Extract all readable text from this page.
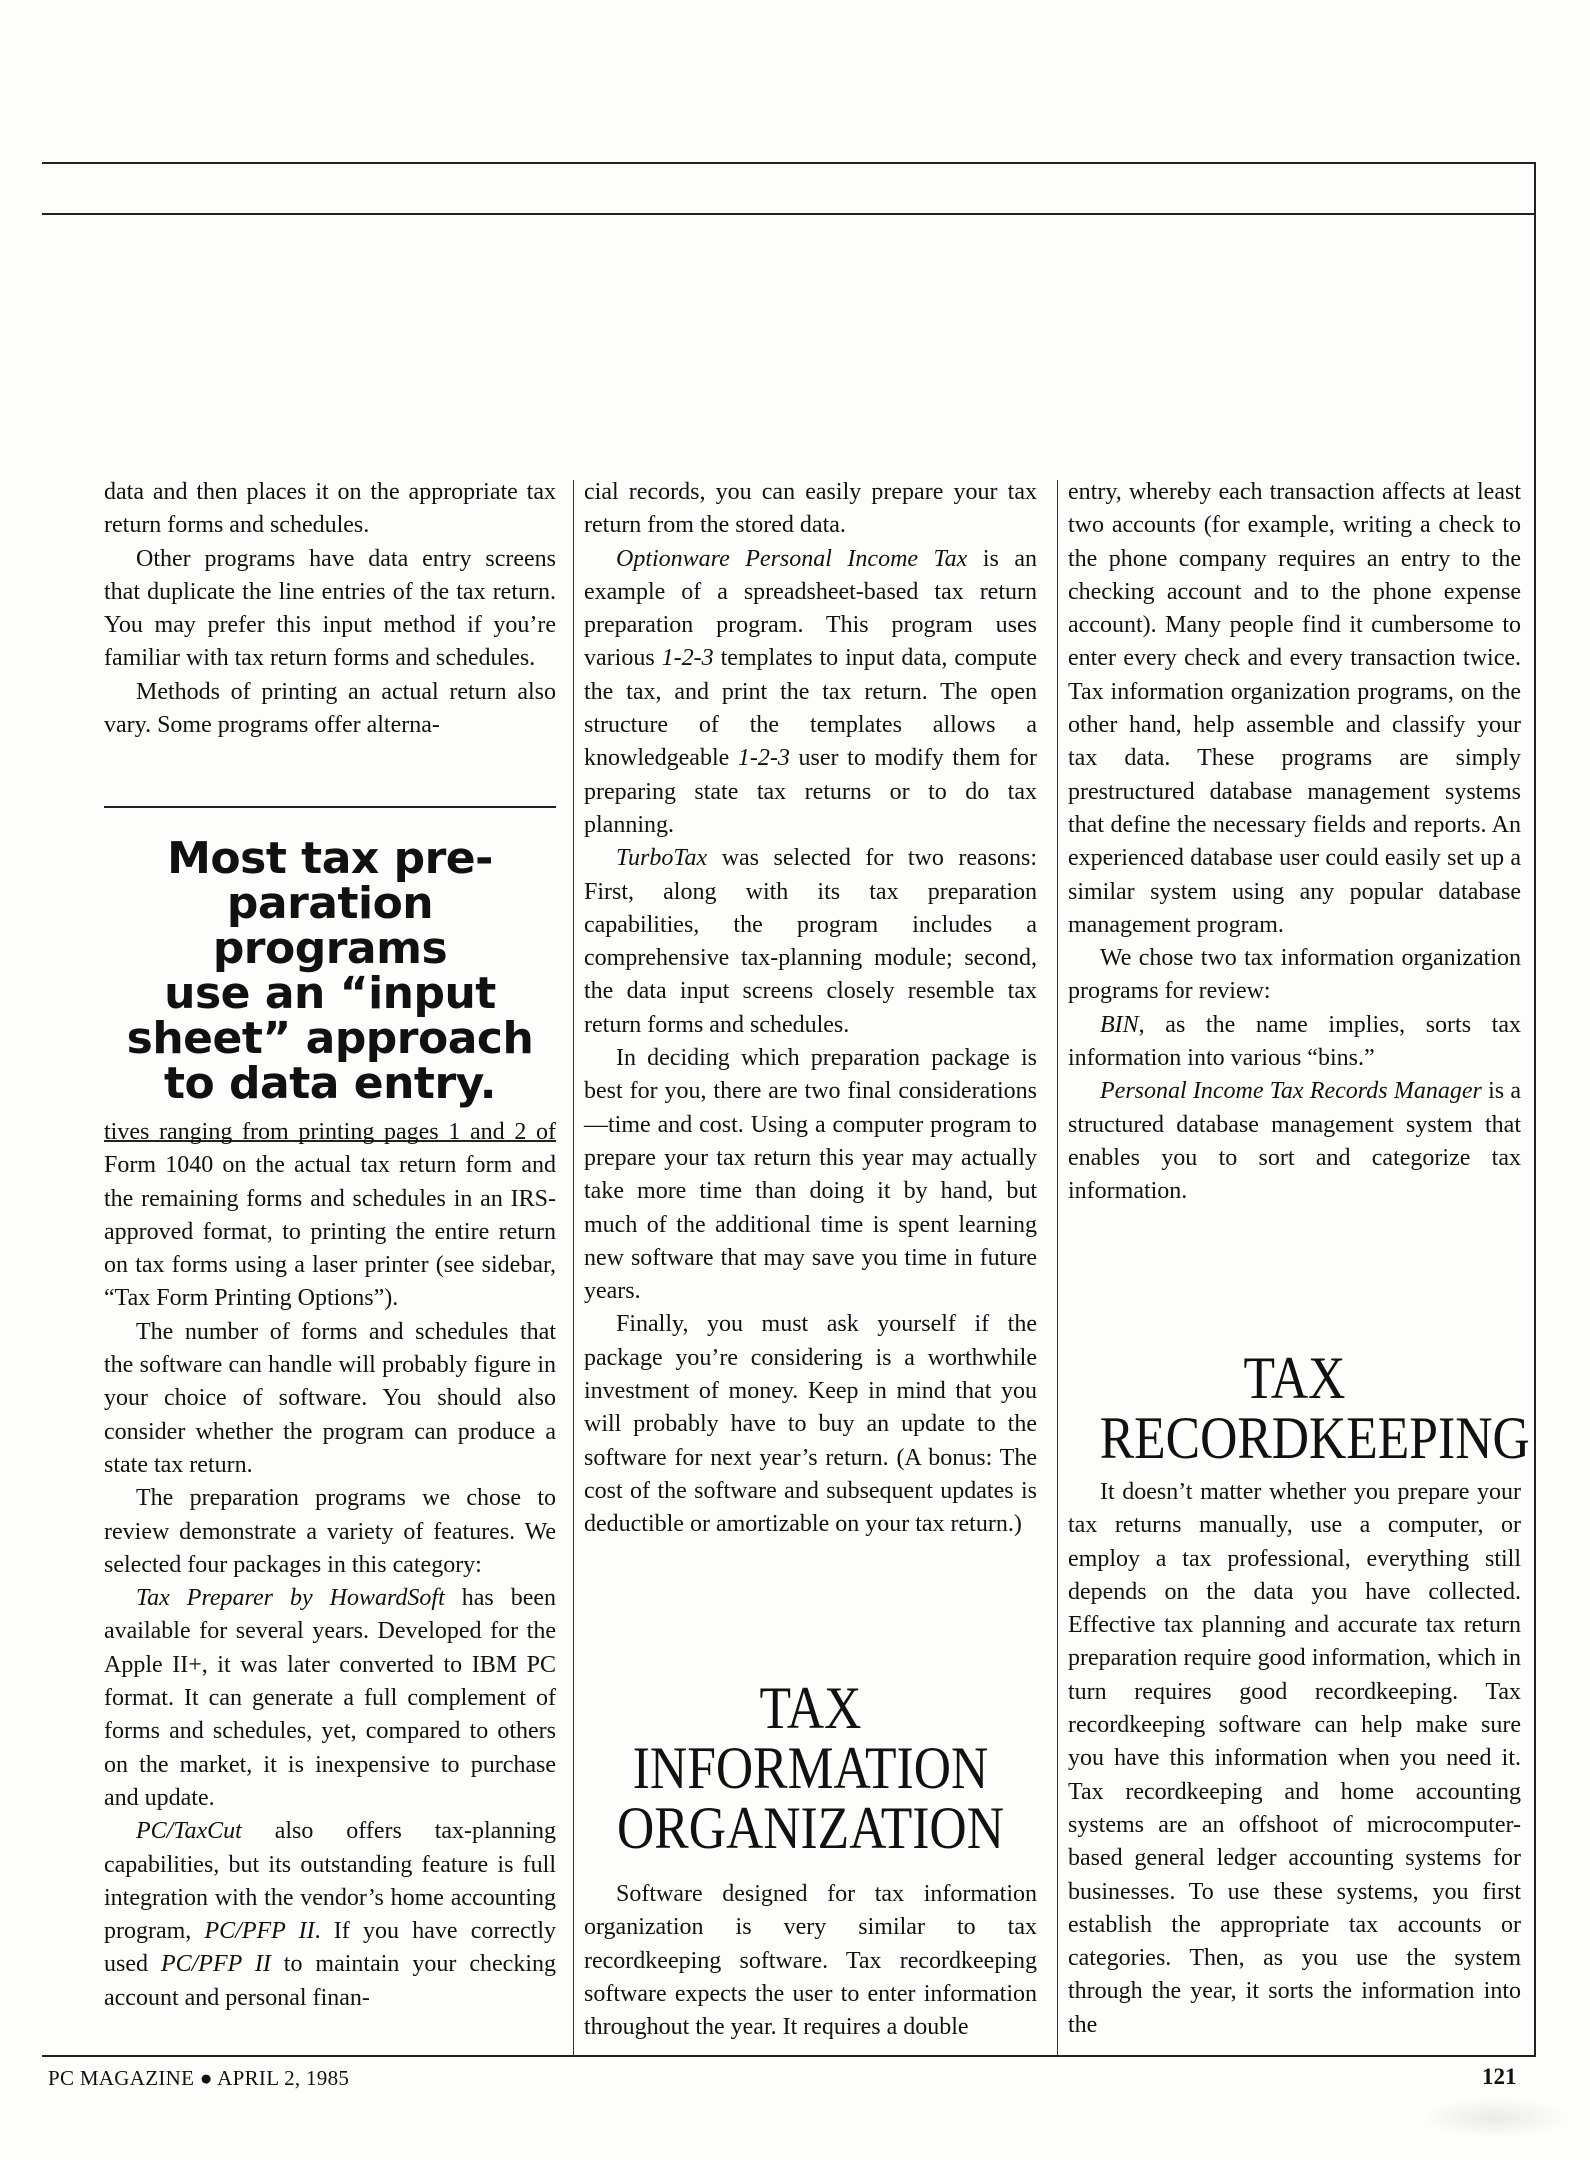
data and then places it on the appropriate tax return forms and schedules.

Other programs have data entry screens that duplicate the line entries of the tax return. You may prefer this input method if you’re familiar with tax return forms and schedules.

Methods of printing an actual return also vary. Some programs offer alterna-

Most tax pre-
paration programs
use an “input
sheet” approach
to data entry.

tives ranging from printing pages 1 and 2 of Form 1040 on the actual tax return form and the remaining forms and schedules in an IRS-approved format, to printing the entire return on tax forms using a laser printer (see sidebar, “Tax Form Printing Options”).

The number of forms and schedules that the software can handle will probably figure in your choice of software. You should also consider whether the program can produce a state tax return.

The preparation programs we chose to review demonstrate a variety of features. We selected four packages in this category:

Tax Preparer by HowardSoft has been available for several years. Developed for the Apple II+, it was later converted to IBM PC format. It can generate a full complement of forms and schedules, yet, compared to others on the market, it is inexpensive to purchase and update.

PC/TaxCut also offers tax-planning capabilities, but its outstanding feature is full integration with the vendor’s home accounting program, PC/PFP II. If you have correctly used PC/PFP II to maintain your checking account and personal finan-

cial records, you can easily prepare your tax return from the stored data.

Optionware Personal Income Tax is an example of a spreadsheet-based tax return preparation program. This program uses various 1-2-3 templates to input data, compute the tax, and print the tax return. The open structure of the templates allows a knowledgeable 1-2-3 user to modify them for preparing state tax returns or to do tax planning.

TurboTax was selected for two reasons: First, along with its tax preparation capabilities, the program includes a comprehensive tax-planning module; second, the data input screens closely resemble tax return forms and schedules.

In deciding which preparation package is best for you, there are two final considerations—time and cost. Using a computer program to prepare your tax return this year may actually take more time than doing it by hand, but much of the additional time is spent learning new software that may save you time in future years.

Finally, you must ask yourself if the package you’re considering is a worthwhile investment of money. Keep in mind that you will probably have to buy an update to the software for next year’s return. (A bonus: The cost of the software and subsequent updates is deductible or amortizable on your tax return.)

TAX
INFORMATION
ORGANIZATION

Software designed for tax information organization is very similar to tax recordkeeping software. Tax recordkeeping software expects the user to enter information throughout the year. It requires a double

entry, whereby each transaction affects at least two accounts (for example, writing a check to the phone company requires an entry to the checking account and to the phone expense account). Many people find it cumbersome to enter every check and every transaction twice. Tax information organization programs, on the other hand, help assemble and classify your tax data. These programs are simply prestructured database management systems that define the necessary fields and reports. An experienced database user could easily set up a similar system using any popular database management program.

We chose two tax information organization programs for review:

BIN, as the name implies, sorts tax information into various “bins.”

Personal Income Tax Records Manager is a structured database management system that enables you to sort and categorize tax information.

TAX
RECORDKEEPING

It doesn’t matter whether you prepare your tax returns manually, use a computer, or employ a tax professional, everything still depends on the data you have collected. Effective tax planning and accurate tax return preparation require good information, which in turn requires good recordkeeping. Tax recordkeeping software can help make sure you have this information when you need it. Tax recordkeeping and home accounting systems are an offshoot of microcomputer-based general ledger accounting systems for businesses. To use these systems, you first establish the appropriate tax accounts or categories. Then, as you use the system through the year, it sorts the information into the

PC MAGAZINE ● APRIL 2, 1985	121
